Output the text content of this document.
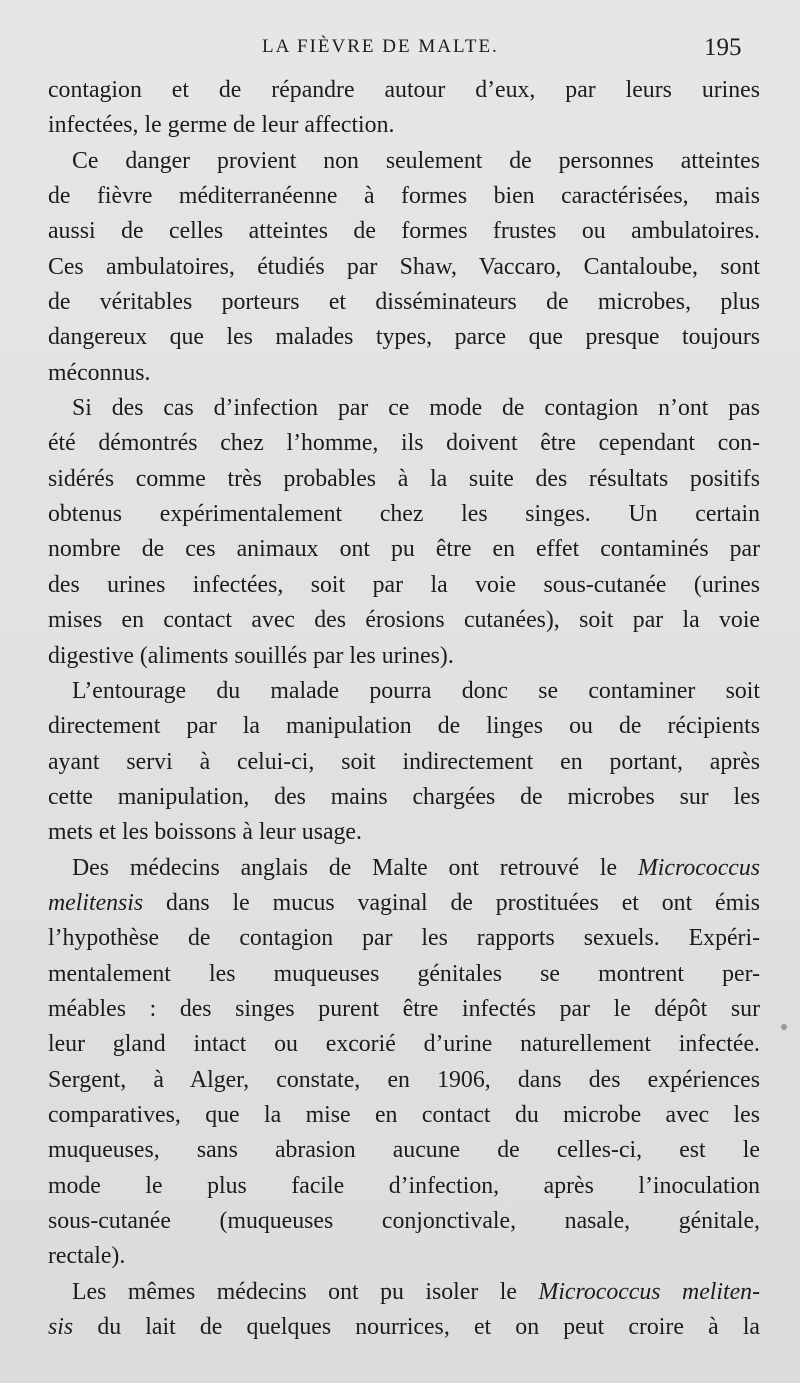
LA FIÈVRE DE MALTE.	195

contagion et de répandre autour d’eux, par leurs urines
infectées, le germe de leur affection.

Ce danger provient non seulement de personnes atteintes
de fièvre méditerranéenne à formes bien caractérisées, mais
aussi de celles atteintes de formes frustes ou ambulatoires.
Ces ambulatoires, étudiés par Shaw, Vaccaro, Cantaloube, sont
de véritables porteurs et disséminateurs de microbes, plus
dangereux que les malades types, parce que presque toujours
méconnus.

Si des cas d’infection par ce mode de contagion n’ont pas
été démontrés chez l’homme, ils doivent être cependant con-
sidérés comme très probables à la suite des résultats positifs
obtenus expérimentalement chez les singes. Un certain
nombre de ces animaux ont pu être en effet contaminés par
des urines infectées, soit par la voie sous-cutanée (urines
mises en contact avec des érosions cutanées), soit par la voie
digestive (aliments souillés par les urines).

L’entourage du malade pourra donc se contaminer soit
directement par la manipulation de linges ou de récipients
ayant servi à celui-ci, soit indirectement en portant, après
cette manipulation, des mains chargées de microbes sur les
mets et les boissons à leur usage.

Des médecins anglais de Malte ont retrouvé le Micrococcus
melitensis dans le mucus vaginal de prostituées et ont émis
l’hypothèse de contagion par les rapports sexuels. Expéri-
mentalement les muqueuses génitales se montrent per-
méables : des singes purent être infectés par le dépôt sur
leur gland intact ou excorié d’urine naturellement infectée.
Sergent, à Alger, constate, en 1906, dans des expériences
comparatives, que la mise en contact du microbe avec les
muqueuses, sans abrasion aucune de celles-ci, est le
mode le plus facile d’infection, après l’inoculation
sous-cutanée (muqueuses conjonctivale, nasale, génitale,
rectale).

Les mêmes médecins ont pu isoler le Micrococcus meliten-
sis du lait de quelques nourrices, et on peut croire à la
